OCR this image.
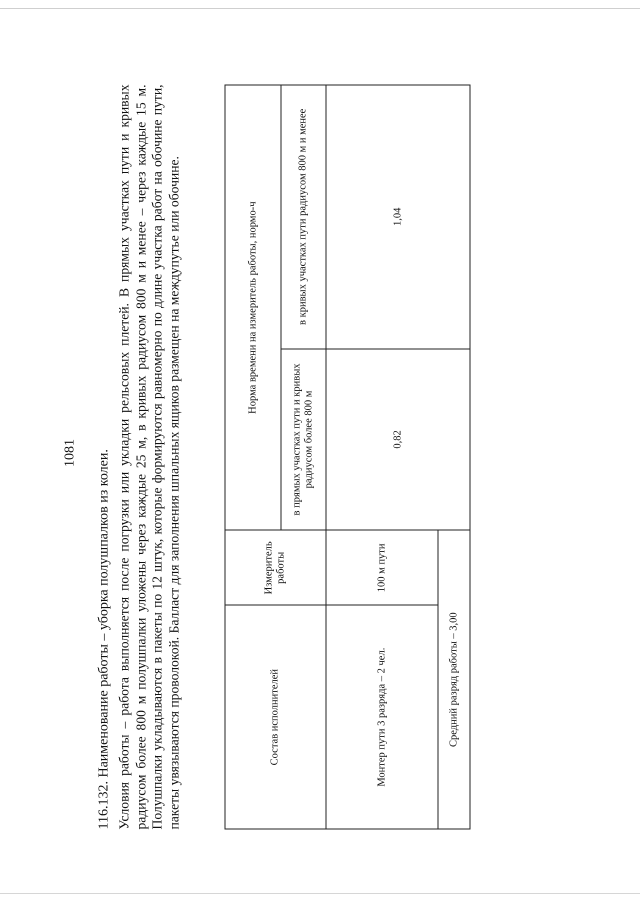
1081 116.132. Наименование работы – уборка полушпалков из колеи. Условия работы – работа выполняется после погрузки или укладки рельсовых плетей. В прямых участках пути и кривых радиусом более 800 м полушпалки уложены через каждые 25 м, в кривых радиусом 800 м и менее – через каждые 15 м. Полушпалки укладываются в пакеты по 12 штук, которые формируются равномерно по длине участка работ на обочине пути, пакеты увязываются проволокой. Балласт для заполнения шпальных ящиков размещен на междупутье или обочине.	Состав исполнителей	Измеритель работы	Норма времени на измеритель работы, нормо-ч	
		в прямых участках пути и кривых радиусом более 800 м	в кривых участках пути радиусом 800 м и менее
Монтер пути 3 разряда – 2 чел.	100 м пути	0,82	1,04
Средний разряд работы – 3,00			
